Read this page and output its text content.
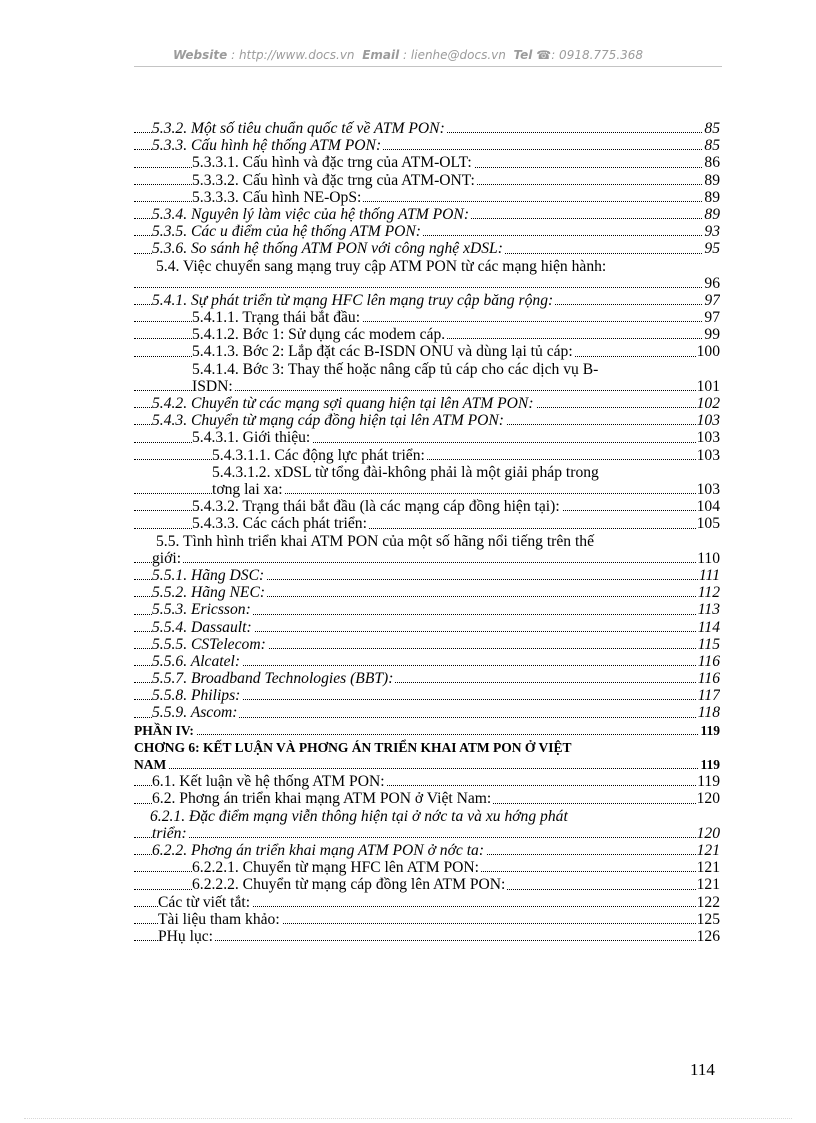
Website : http://www.docs.vn Email : lienhe@docs.vn Tel ☎: 0918.775.368
5.3.2. Một số tiêu chuẩn quốc tế về ATM PON:	85
5.3.3. Cấu hình hệ thống ATM PON:	85
5.3.3.1. Cấu hình và đặc trng của ATM-OLT:	86
5.3.3.2. Cấu hình và đặc trng của ATM-ONT:	89
5.3.3.3. Cấu hình NE-OpS:	89
5.3.4. Nguyên lý làm việc của hệ thống ATM PON:	89
5.3.5. Các u điểm của hệ thống ATM PON:	93
5.3.6. So sánh hệ thống ATM PON với công nghệ xDSL:	95
5.4. Việc chuyển sang mạng truy cập ATM PON từ các mạng hiện hành:
96
5.4.1. Sự phát triển từ mạng HFC lên mạng truy cập băng rộng:	97
5.4.1.1. Trạng thái bắt đầu:	97
5.4.1.2. Bớc 1: Sử dụng các modem cáp.	99
5.4.1.3. Bớc 2: Lắp đặt các B-ISDN ONU và dùng lại tủ cáp:	100
5.4.1.4. Bớc 3: Thay thế hoặc nâng cấp tủ cáp cho các dịch vụ B-
ISDN:	101
5.4.2. Chuyển từ các mạng sợi quang hiện tại lên ATM PON:	102
5.4.3. Chuyển từ mạng cáp đồng hiện tại lên ATM PON:	103
5.4.3.1. Giới thiệu:	103
5.4.3.1.1. Các động lực phát triển:	103
5.4.3.1.2. xDSL từ tổng đài-không phải là một giải pháp trong
tơng lai xa:	103
5.4.3.2. Trạng thái bắt đầu (là các mạng cáp đồng hiện tại):	104
5.4.3.3. Các cách phát triển:	105
5.5. Tình hình triển khai ATM PON của một số hãng nổi tiếng trên thế
giới:	110
5.5.1. Hãng DSC:	111
5.5.2. Hãng NEC:	112
5.5.3. Ericsson:	113
5.5.4. Dassault:	114
5.5.5. CSTelecom:	115
5.5.6. Alcatel:	116
5.5.7. Broadband Technologies (BBT):	116
5.5.8. Philips:	117
5.5.9. Ascom:	118
PHẦN IV:	119
CHƠNG 6: KẾT LUẬN VÀ PHƠNG ÁN TRIỂN KHAI ATM PON Ở VIỆT
NAM	119
6.1. Kết luận về hệ thống ATM PON:	119
6.2. Phơng án triển khai mạng ATM PON ở Việt Nam:	120
6.2.1. Đặc điểm mạng viễn thông hiện tại ở nớc ta và xu hớng phát
triển:	120
6.2.2. Phơng án triển khai mạng ATM PON ở nớc ta:	121
6.2.2.1. Chuyển từ mạng HFC lên ATM PON:	121
6.2.2.2. Chuyển từ mạng cáp đồng lên ATM PON:	121
Các từ viết tắt:	122
Tài liệu tham khảo:	125
PHụ lục:	126
114
